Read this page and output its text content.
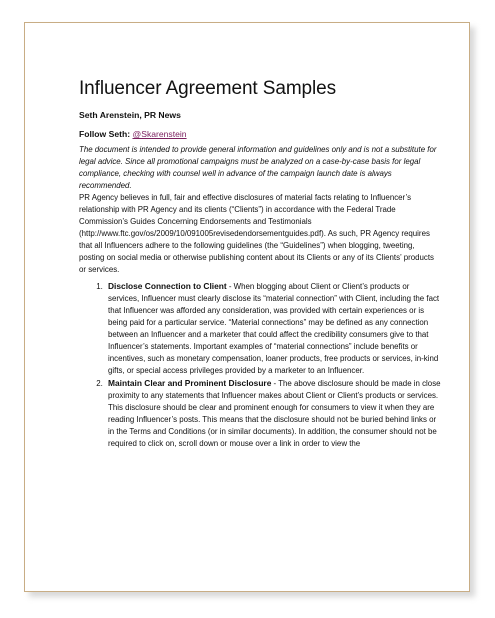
Influencer Agreement Samples
Seth Arenstein, PR News
Follow Seth: @Skarenstein
The document is intended to provide general information and guidelines only and is not a substitute for legal advice. Since all promotional campaigns must be analyzed on a case-by-case basis for legal compliance, checking with counsel well in advance of the campaign launch date is always recommended.
PR Agency believes in full, fair and effective disclosures of material facts relating to Influencer’s relationship with PR Agency and its clients (“Clients”) in accordance with the Federal Trade Commission’s Guides Concerning Endorsements and Testimonials (http://www.ftc.gov/os/2009/10/091005revisedendorsementguides.pdf). As such, PR Agency requires that all Influencers adhere to the following guidelines (the “Guidelines”) when blogging, tweeting, posting on social media or otherwise publishing content about its Clients or any of its Clients’ products or services.
1. Disclose Connection to Client - When blogging about Client or Client’s products or services, Influencer must clearly disclose its “material connection” with Client, including the fact that Influencer was afforded any consideration, was provided with certain experiences or is being paid for a particular service. “Material connections” may be defined as any connection between an Influencer and a marketer that could affect the credibility consumers give to that Influencer’s statements. Important examples of “material connections” include benefits or incentives, such as monetary compensation, loaner products, free products or services, in-kind gifts, or special access privileges provided by a marketer to an Influencer.
2. Maintain Clear and Prominent Disclosure - The above disclosure should be made in close proximity to any statements that Influencer makes about Client or Client’s products or services. This disclosure should be clear and prominent enough for consumers to view it when they are reading Influencer’s posts. This means that the disclosure should not be buried behind links or in the Terms and Conditions (or in similar documents). In addition, the consumer should not be required to click on, scroll down or mouse over a link in order to view the
